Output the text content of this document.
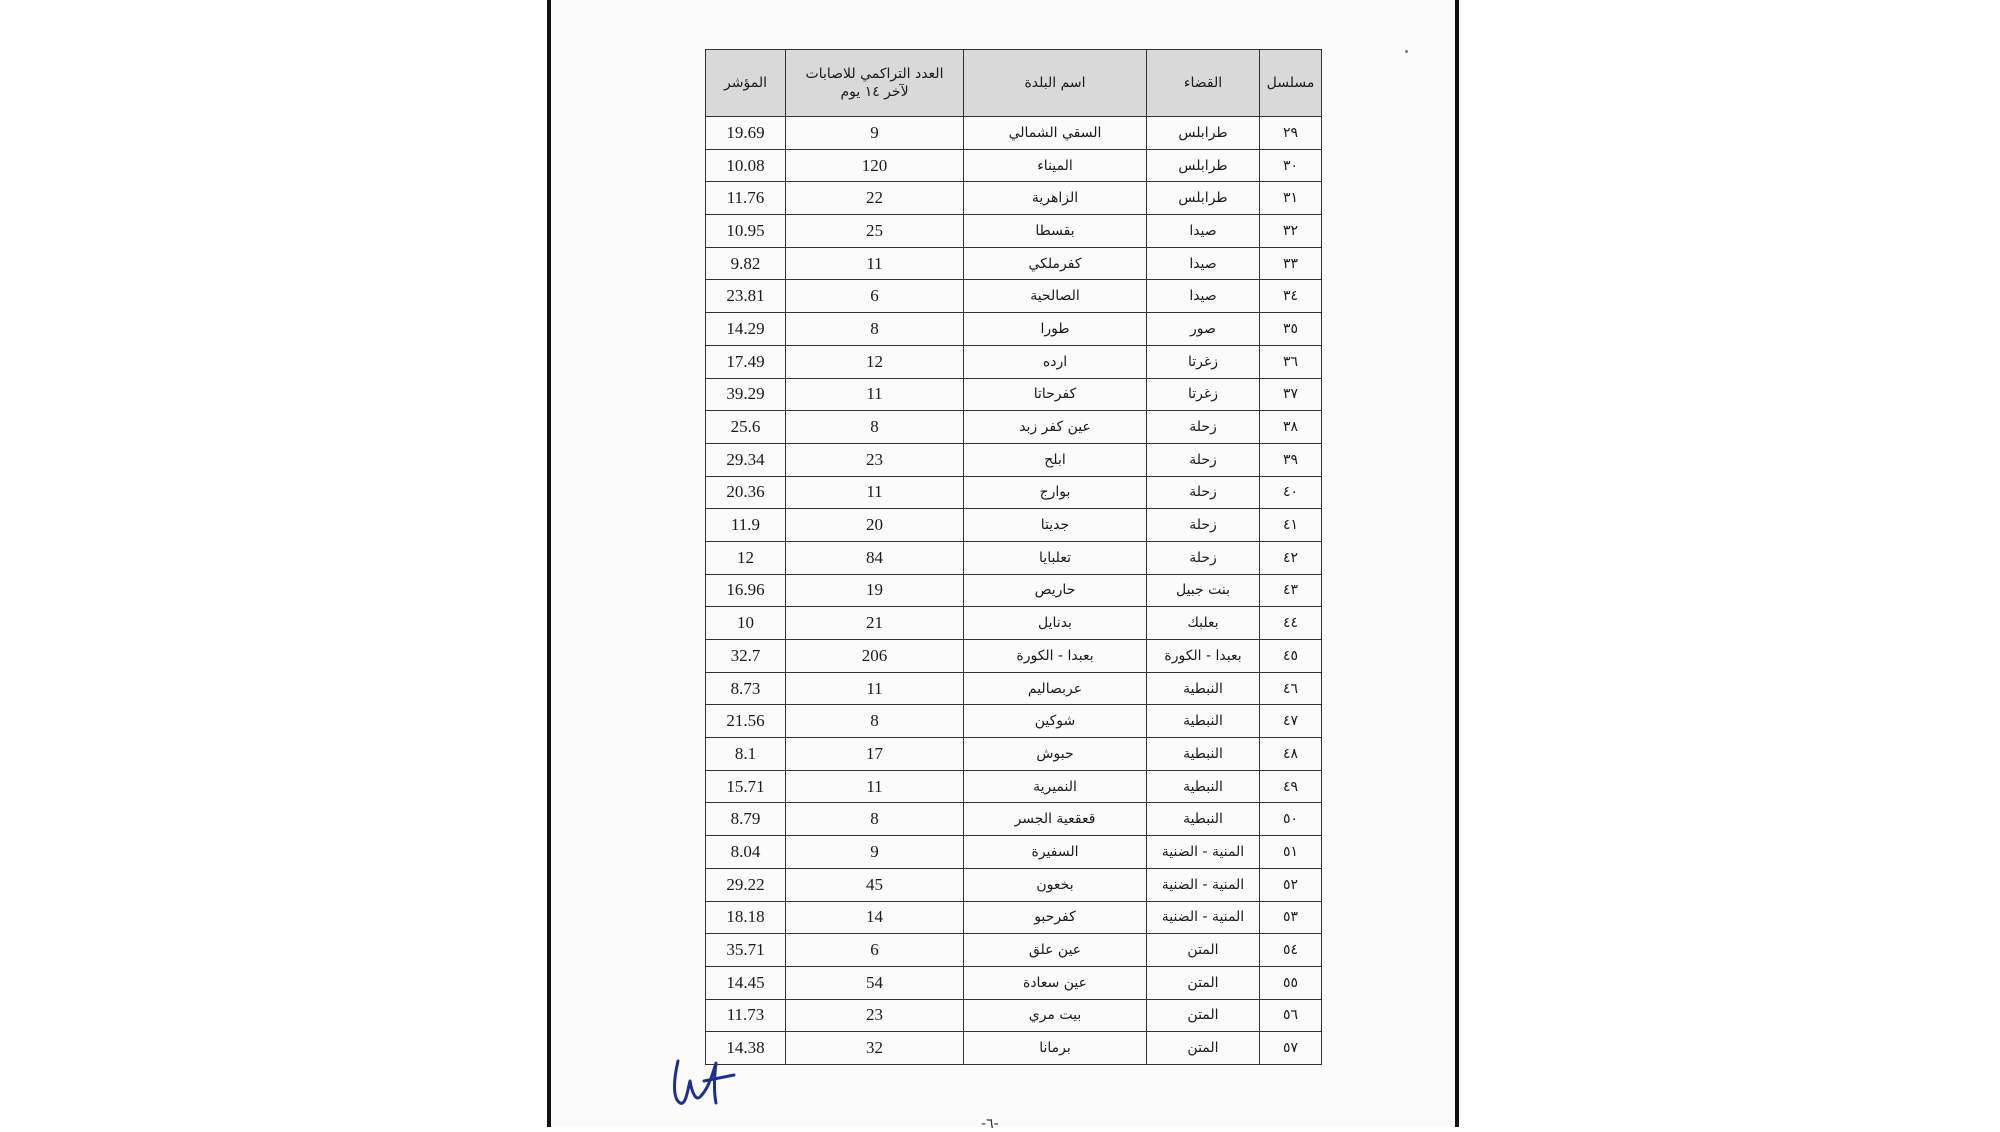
مسلسل	القضاء	اسم البلدة	العدد التراكمي للاصابات لآخر ١٤ يوم	المؤشر
٢٩	طرابلس	السقي الشمالي	9	19.69
٣٠	طرابلس	الميناء	120	10.08
٣١	طرابلس	الزاهرية	22	11.76
٣٢	صيدا	بقسطا	25	10.95
٣٣	صيدا	كفرملكي	11	9.82
٣٤	صيدا	الصالحية	6	23.81
٣٥	صور	طورا	8	14.29
٣٦	زغرتا	ارده	12	17.49
٣٧	زغرتا	كفرحاتا	11	39.29
٣٨	زحلة	عين كفر زبد	8	25.6
٣٩	زحلة	ابلح	23	29.34
٤٠	زحلة	بوارج	11	20.36
٤١	زحلة	جديتا	20	11.9
٤٢	زحلة	تعلبايا	84	12
٤٣	بنت جبيل	حاريص	19	16.96
٤٤	بعلبك	بدنايل	21	10
٤٥	بعبدا - الكورة	بعبدا - الكورة	206	32.7
٤٦	النبطية	عربصاليم	11	8.73
٤٧	النبطية	شوكين	8	21.56
٤٨	النبطية	حبوش	17	8.1
٤٩	النبطية	النميرية	11	15.71
٥٠	النبطية	قعقعية الجسر	8	8.79
٥١	المنية - الضنية	السفيرة	9	8.04
٥٢	المنية - الضنية	بخعون	45	29.22
٥٣	المنية - الضنية	كفرحبو	14	18.18
٥٤	المتن	عين علق	6	35.71
٥٥	المتن	عين سعادة	54	14.45
٥٦	المتن	بيت مري	23	11.73
٥٧	المتن	برمانا	32	14.38
-٦-
